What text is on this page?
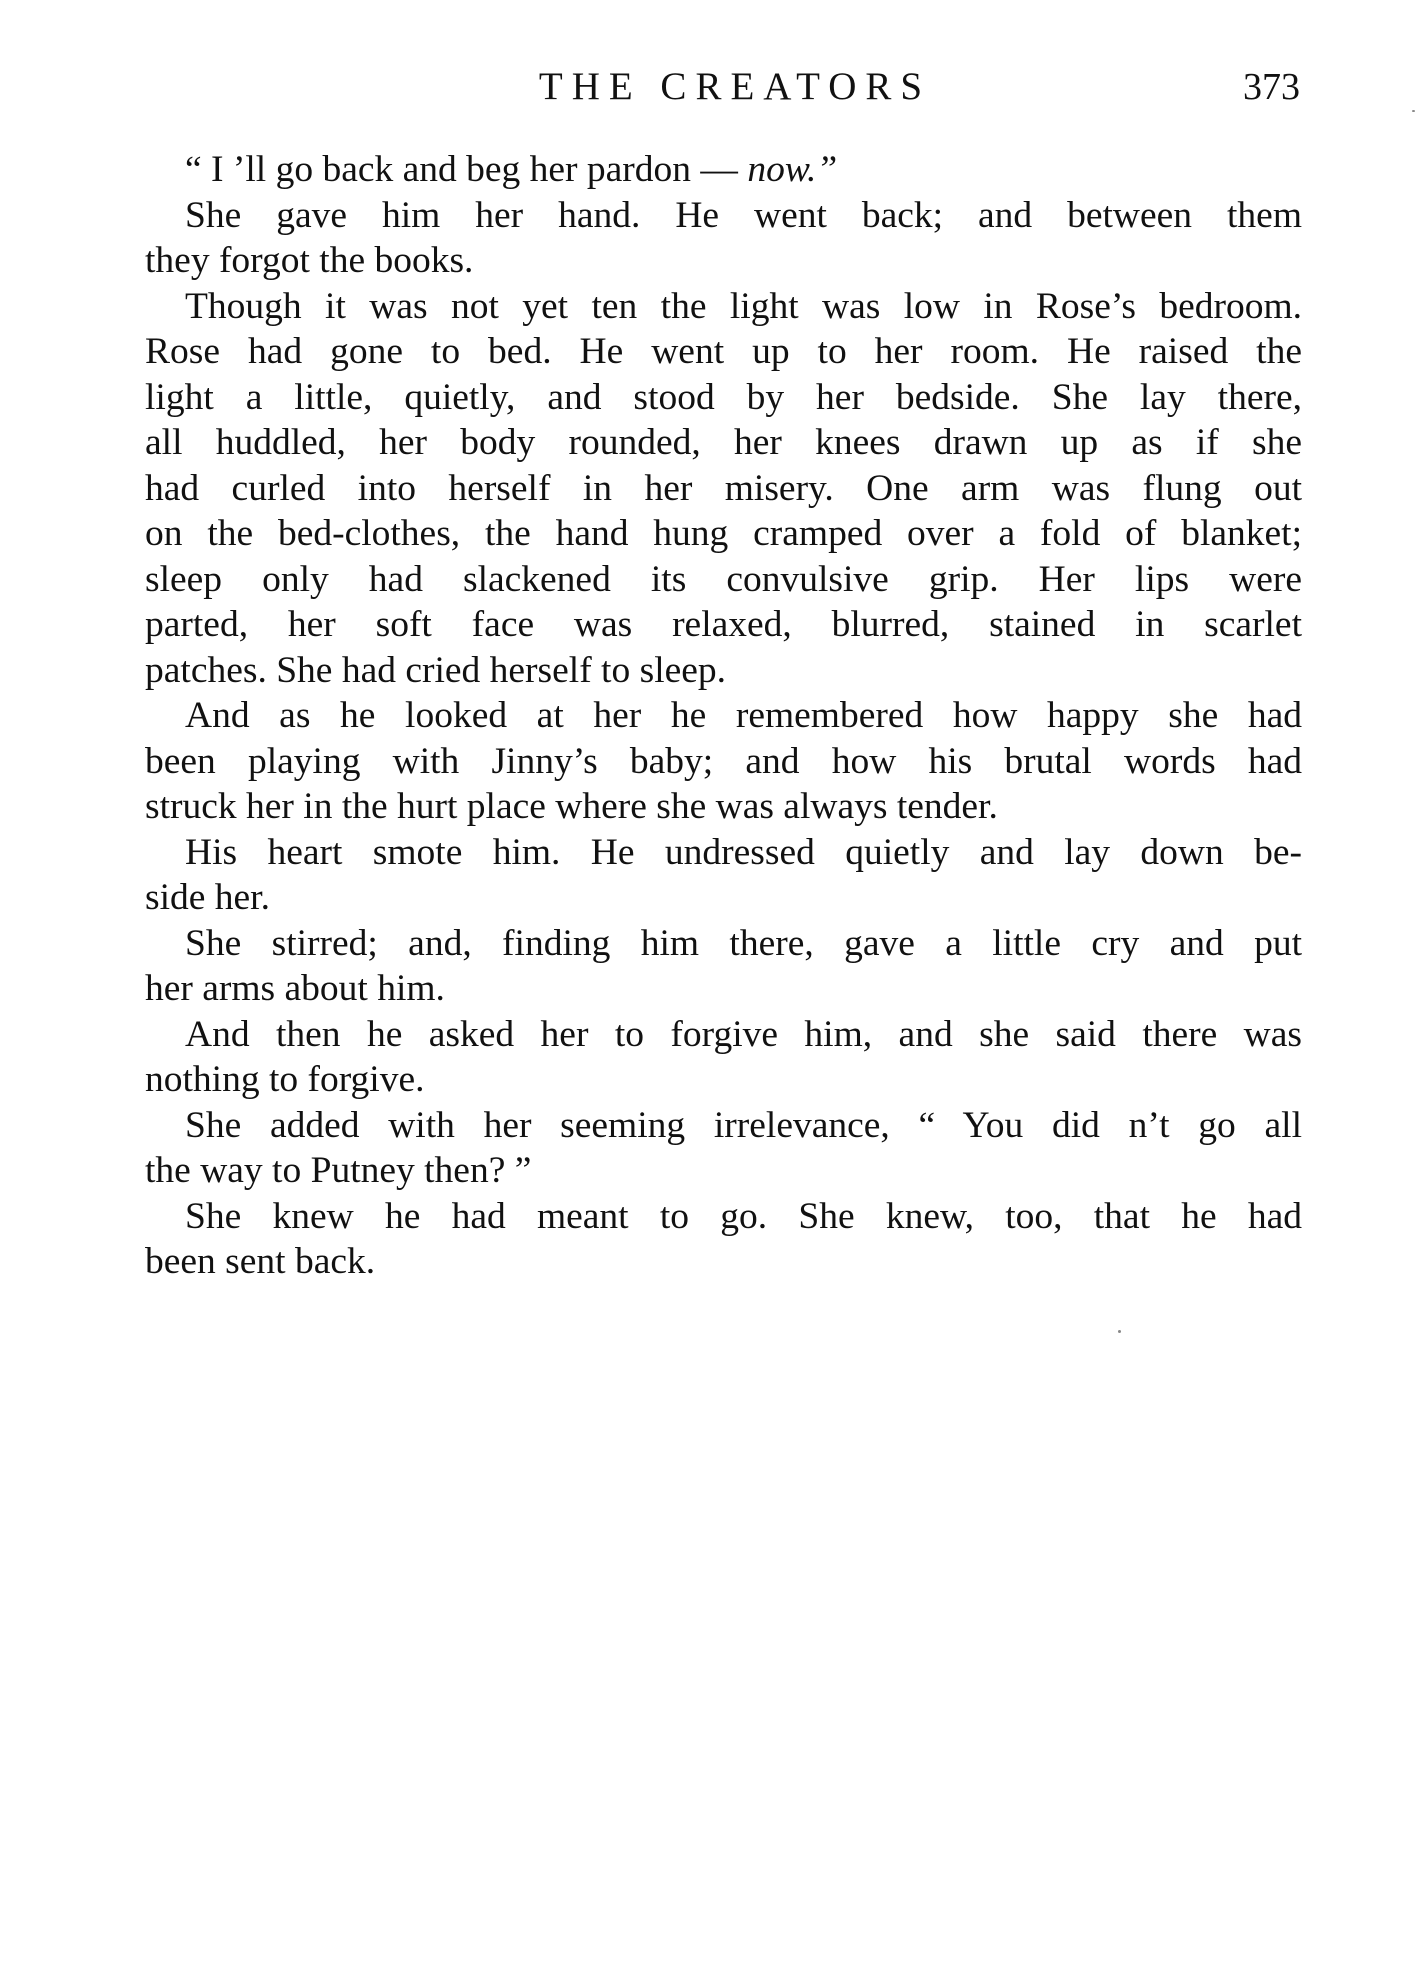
THE CREATORS	373
“ I ’ll go back and beg her pardon — now.”
She gave him her hand. He went back; and between them
they forgot the books.
Though it was not yet ten the light was low in Rose’s bedroom.
Rose had gone to bed. He went up to her room. He raised the
light a little, quietly, and stood by her bedside. She lay there,
all huddled, her body rounded, her knees drawn up as if she
had curled into herself in her misery. One arm was flung out
on the bed-clothes, the hand hung cramped over a fold of blanket;
sleep only had slackened its convulsive grip. Her lips were
parted, her soft face was relaxed, blurred, stained in scarlet
patches. She had cried herself to sleep.
And as he looked at her he remembered how happy she had
been playing with Jinny’s baby; and how his brutal words had
struck her in the hurt place where she was always tender.
His heart smote him. He undressed quietly and lay down be-
side her.
She stirred; and, finding him there, gave a little cry and put
her arms about him.
And then he asked her to forgive him, and she said there was
nothing to forgive.
She added with her seeming irrelevance, “ You did n’t go all
the way to Putney then? ”
She knew he had meant to go. She knew, too, that he had
been sent back.
